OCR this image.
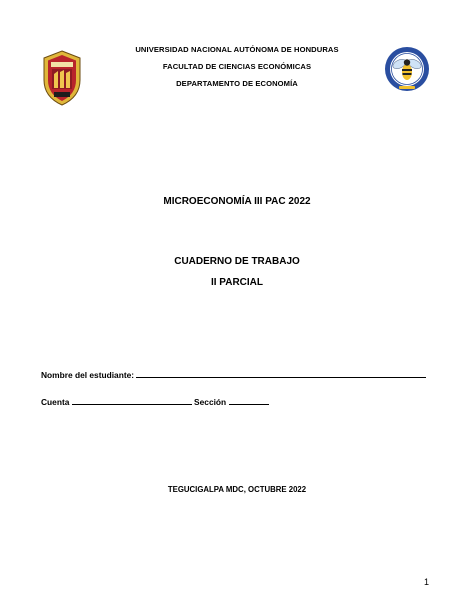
UNIVERSIDAD NACIONAL AUTÓNOMA DE HONDURAS
FACULTAD DE CIENCIAS ECONÓMICAS
DEPARTAMENTO DE ECONOMÍA
MICROECONOMÍA III PAC 2022
CUADERNO DE TRABAJO
II PARCIAL
Nombre del estudiante:
Cuenta	Sección
TEGUCIGALPA MDC, OCTUBRE 2022
1
